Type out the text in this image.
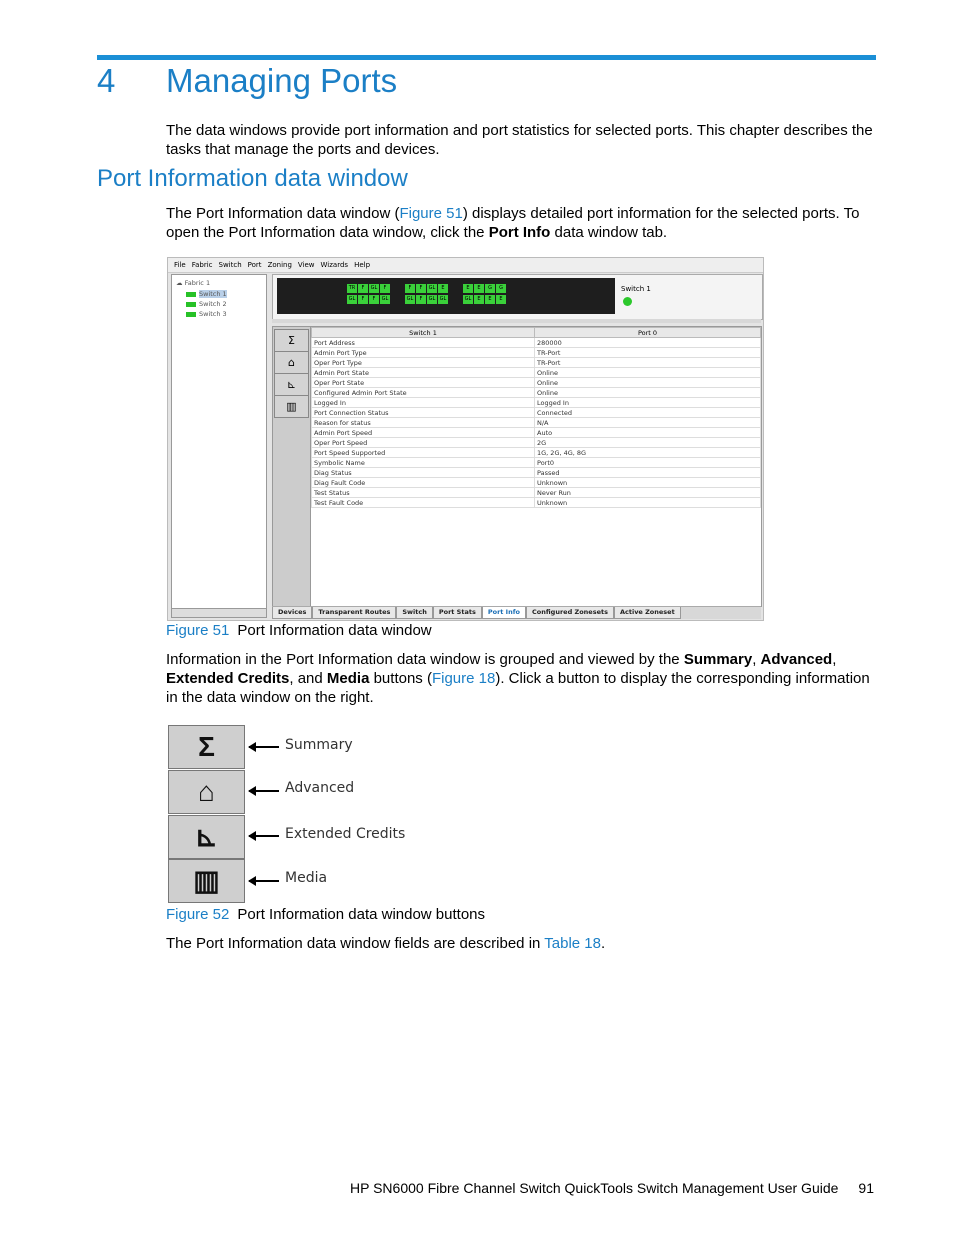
4 Managing Ports
The data windows provide port information and port statistics for selected ports. This chapter describes the tasks that manage the ports and devices.
Port Information data window
The Port Information data window (Figure 51) displays detailed port information for the selected ports. To open the Port Information data window, click the Port Info data window tab.
File Fabric Switch Port Zoning View Wizards Help
☁ Fabric 1
Switch 1
Switch 2
Switch 3
TR
GL
F
F
GL
F
F
GL
F
GL
F
F
GL
GL
E
GL
E
GL
E
E
G
E
G
E
Switch 1
Σ
⌂
⊾
▥
Switch 1	Port 0
Port Address	280000
Admin Port Type	TR-Port
Oper Port Type	TR-Port
Admin Port State	Online
Oper Port State	Online
Configured Admin Port State	Online
Logged In	Logged In
Port Connection Status	Connected
Reason for status	N/A
Admin Port Speed	Auto
Oper Port Speed	2G
Port Speed Supported	1G, 2G, 4G, 8G
Symbolic Name	Port0
Diag Status	Passed
Diag Fault Code	Unknown
Test Status	Never Run
Test Fault Code	Unknown
Devices Transparent Routes Switch Port Stats Port Info Configured Zonesets Active Zoneset
Figure 51 Port Information data window
Information in the Port Information data window is grouped and viewed by the Summary, Advanced, Extended Credits, and Media buttons (Figure 18). Click a button to display the corresponding information in the data window on the right.
Σ
⌂
⊾
▥
Summary
Advanced
Extended Credits
Media
Figure 52 Port Information data window buttons
The Port Information data window fields are described in Table 18.
HP SN6000 Fibre Channel Switch QuickTools Switch Management User Guide 91
